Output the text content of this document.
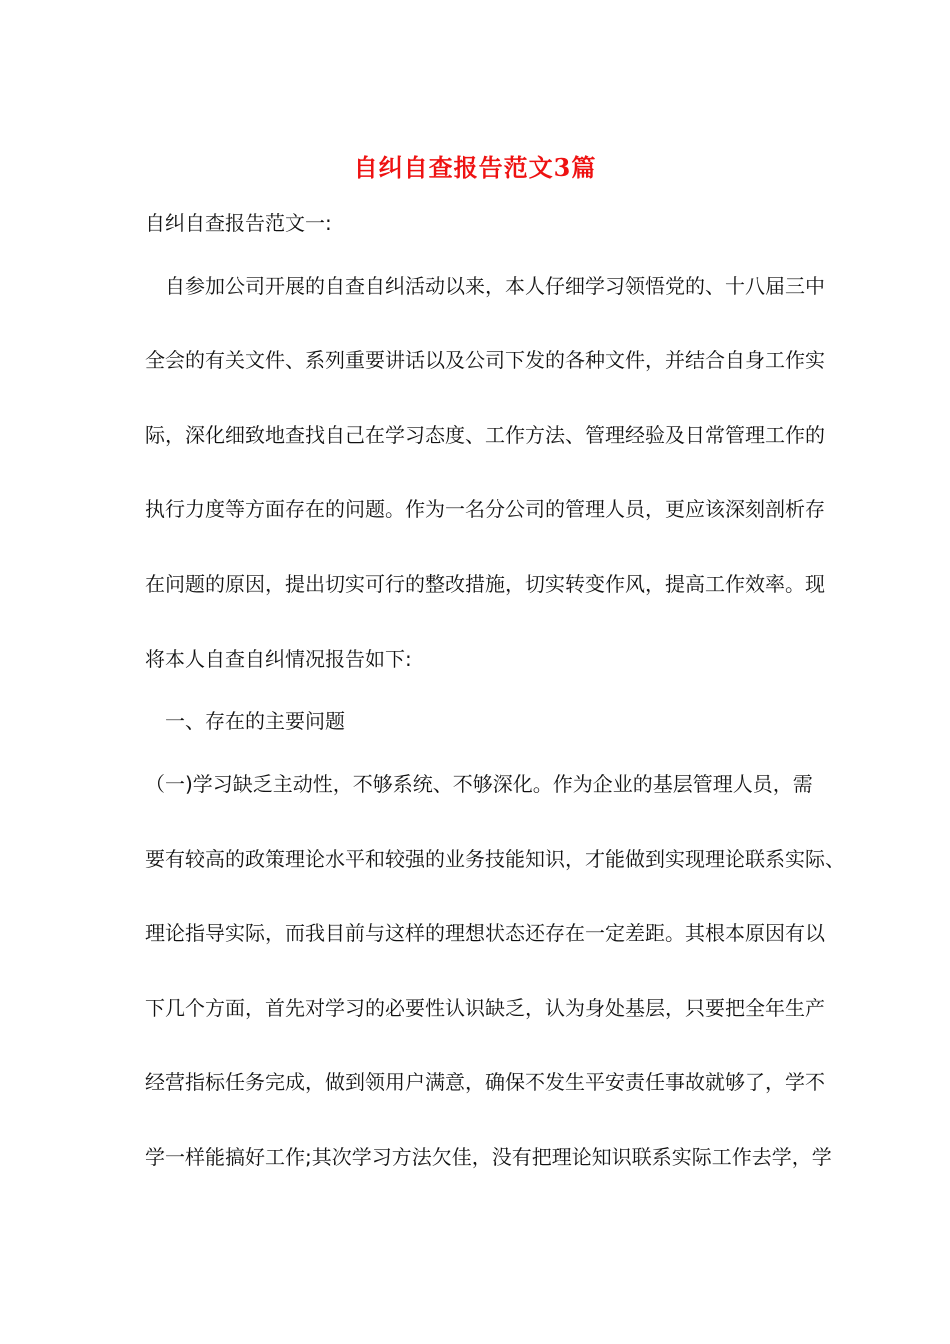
自纠自查报告范文3篇
自纠自查报告范文一:
　自参加公司开展的自查自纠活动以来，本人仔细学习领悟党的、十八届三中
全会的有关文件、系列重要讲话以及公司下发的各种文件，并结合自身工作实
际，深化细致地查找自己在学习态度、工作方法、管理经验及日常管理工作的
执行力度等方面存在的问题。作为一名分公司的管理人员，更应该深刻剖析存
在问题的原因，提出切实可行的整改措施，切实转变作风，提高工作效率。现
将本人自查自纠情况报告如下:
　一、存在的主要问题
（一)学习缺乏主动性，不够系统、不够深化。作为企业的基层管理人员，需
要有较高的政策理论水平和较强的业务技能知识，才能做到实现理论联系实际、
理论指导实际，而我目前与这样的理想状态还存在一定差距。其根本原因有以
下几个方面，首先对学习的必要性认识缺乏，认为身处基层，只要把全年生产
经营指标任务完成，做到领用户满意，确保不发生平安责任事故就够了，学不
学一样能搞好工作;其次学习方法欠佳，没有把理论知识联系实际工作去学，学
